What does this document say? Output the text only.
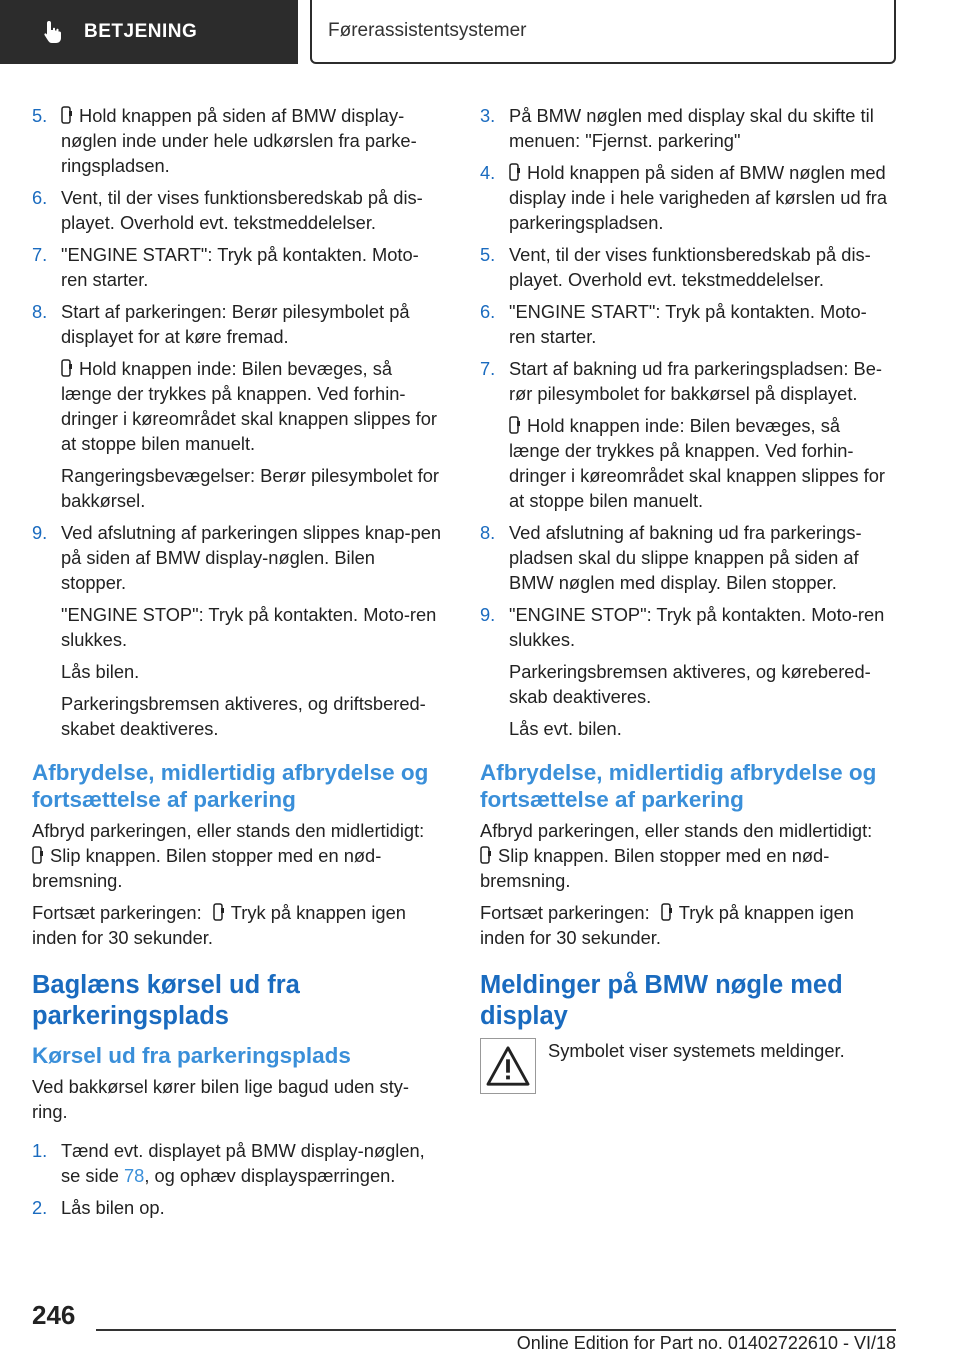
BETJENING	Førerassistentsystemer
5.	Hold knappen på siden af BMW display-nøglen inde under hele udkørslen fra parke-ringspladsen.

6. Vent, til der vises funktionsberedskab på dis-playet. Overhold evt. tekstmeddelelser.

7. "ENGINE START": Tryk på kontakten. Moto-ren starter.

8. Start af parkeringen: Berør pilesymbolet på displayet for at køre fremad.

Hold knappen inde: Bilen bevæges, så længe der trykkes på knappen. Ved forhin-dringer i køreområdet skal knappen slippes for at stoppe bilen manuelt.

Rangeringsbevægelser: Berør pilesymbolet for bakkørsel.

9. Ved afslutning af parkeringen slippes knap-pen på siden af BMW display-nøglen. Bilen stopper.

"ENGINE STOP": Tryk på kontakten. Moto-ren slukkes.

Lås bilen.

Parkeringsbremsen aktiveres, og driftsbered-skabet deaktiveres.

Afbrydelse, midlertidig afbrydelse og fortsættelse af parkering
Afbryd parkeringen, eller stands den midlertidigt:
Slip knappen. Bilen stopper med en nød-bremsning.
Fortsæt parkeringen: Tryk på knappen igen inden for 30 sekunder.
Baglæns kørsel ud fra parkeringsplads
Kørsel ud fra parkeringsplads
Ved bakkørsel kører bilen lige bagud uden sty-ring.
1. Tænd evt. displayet på BMW display-nøglen, se side 78, og ophæv displayspærringen.

2. Lås bilen op.

3. På BMW nøglen med display skal du skifte til menuen: "Fjernst. parkering"

4.	Hold knappen på siden af BMW nøglen med display inde i hele varigheden af kørslen ud fra parkeringspladsen.

5. Vent, til der vises funktionsberedskab på dis-playet. Overhold evt. tekstmeddelelser.

6. "ENGINE START": Tryk på kontakten. Moto-ren starter.

7. Start af bakning ud fra parkeringspladsen: Be-rør pilesymbolet for bakkørsel på displayet.

Hold knappen inde: Bilen bevæges, så længe der trykkes på knappen. Ved forhin-dringer i køreområdet skal knappen slippes for at stoppe bilen manuelt.

8. Ved afslutning af bakning ud fra parkerings-pladsen skal du slippe knappen på siden af BMW nøglen med display. Bilen stopper.

9. "ENGINE STOP": Tryk på kontakten. Moto-ren slukkes.

Parkeringsbremsen aktiveres, og kørebered-skab deaktiveres.

Lås evt. bilen.

Afbrydelse, midlertidig afbrydelse og fortsættelse af parkering
Afbryd parkeringen, eller stands den midlertidigt:
Slip knappen. Bilen stopper med en nød-bremsning.
Fortsæt parkeringen: Tryk på knappen igen inden for 30 sekunder.
Meldinger på BMW nøgle med display
Symbolet viser systemets meldinger.
246
Online Edition for Part no. 01402722610 - VI/18
